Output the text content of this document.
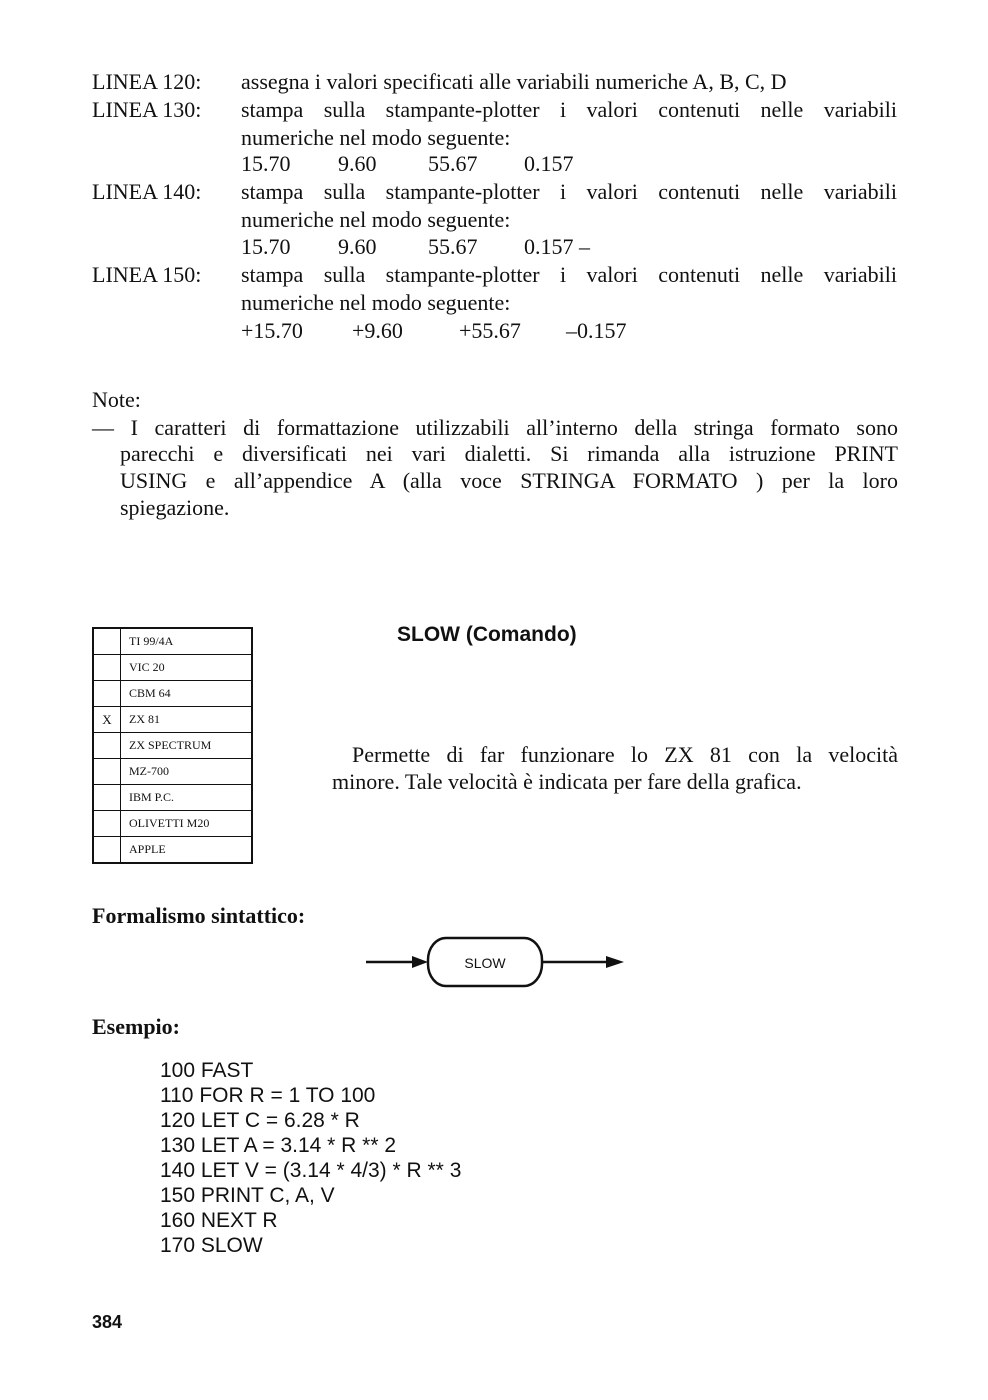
LINEA 120: assegna i valori specificati alle variabili numeriche A, B, C, D
LINEA 130: stampa sulla stampante-plotter i valori contenuti nelle variabili
numeriche nel modo seguente:
15.70 9.60 55.67 0.157
LINEA 140: stampa sulla stampante-plotter i valori contenuti nelle variabili
numeriche nel modo seguente:
15.70 9.60 55.67 0.157 –
LINEA 150: stampa sulla stampante-plotter i valori contenuti nelle variabili
numeriche nel modo seguente:
+15.70 +9.60	+55.67 –0.157
Note:
— I caratteri di formattazione utilizzabili all’interno della stringa formato sono
parecchi e diversificati nei vari dialetti. Si rimanda alla istruzione PRINT
USING e all’appendice A (alla voce STRINGA FORMATO ) per la loro
spiegazione.
	TI 99/4A
	VIC 20
	CBM 64
X	ZX 81
	ZX SPECTRUM
	MZ-700
	IBM P.C.
	OLIVETTI M20
	APPLE
SLOW (Comando)
Permette di far funzionare lo ZX 81 con la velocità
minore. Tale velocità è indicata per fare della grafica.
Formalismo sintattico:
SLOW
Esempio:
100 FAST
110 FOR R = 1 TO 100
120 LET C = 6.28 * R
130 LET A = 3.14 * R ** 2
140 LET V = (3.14 * 4/3) * R ** 3
150 PRINT C, A, V
160 NEXT R
170 SLOW
384
